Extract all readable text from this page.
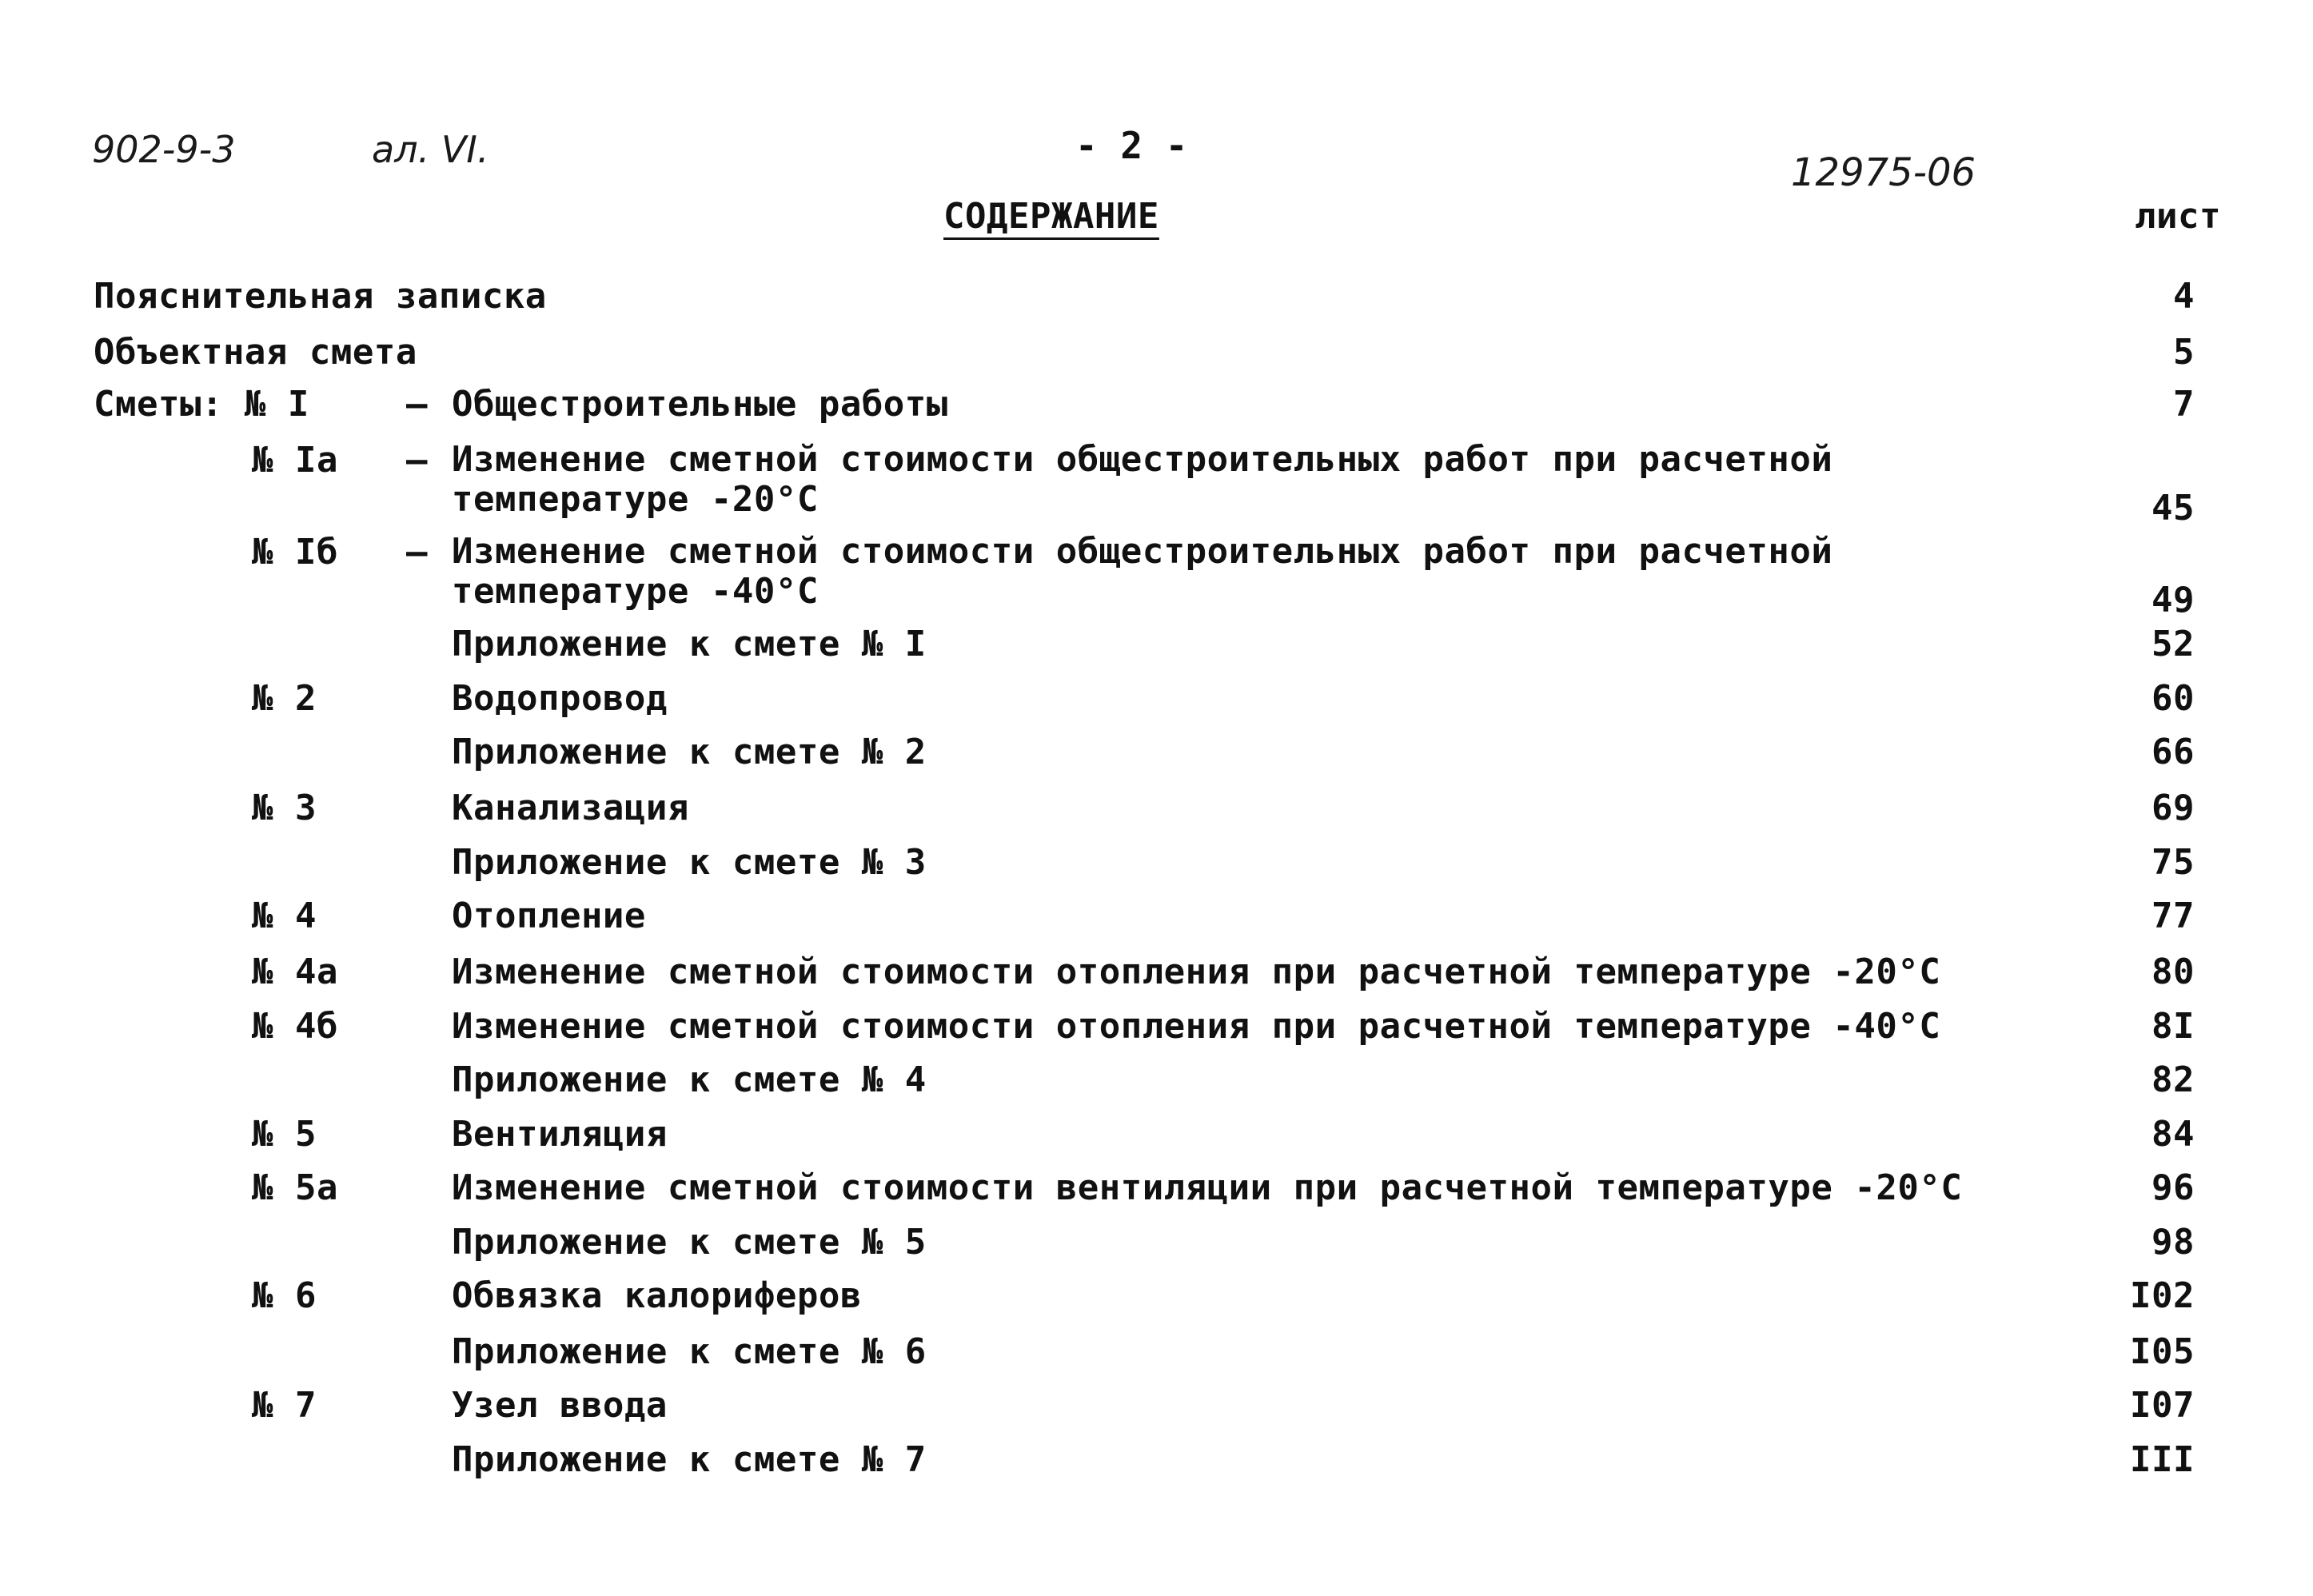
902-9-3	ал. VI.	- 2 -
12975-06
СОДЕРЖАНИЕ	лист
Пояснительная записка	4
Объектная смета	5
Сметы: № I	– Общестроительные работы	7
№ Iа – Изменение сметной стоимости общестроительных работ при расчетной
температуре -20°С	45
№ Iб – Изменение сметной стоимости общестроительных работ при расчетной
температуре -40°С	49
Приложение к смете № I	52
№ 2	Водопровод	60
Приложение к смете № 2	66
№ 3	Канализация	69
Приложение к смете № 3	75
№ 4	Отопление	77
№ 4а	Изменение сметной стоимости отопления при расчетной температуре -20°С	80
№ 4б	Изменение сметной стоимости отопления при расчетной температуре -40°С	8I
Приложение к смете № 4	82
№ 5	Вентиляция	84
№ 5а	Изменение сметной стоимости вентиляции при расчетной температуре -20°С	96
Приложение к смете № 5	98
№ 6	Обвязка калориферов	I02
Приложение к смете № 6	I05
№ 7	Узел ввода	I07
Приложение к смете № 7	III
